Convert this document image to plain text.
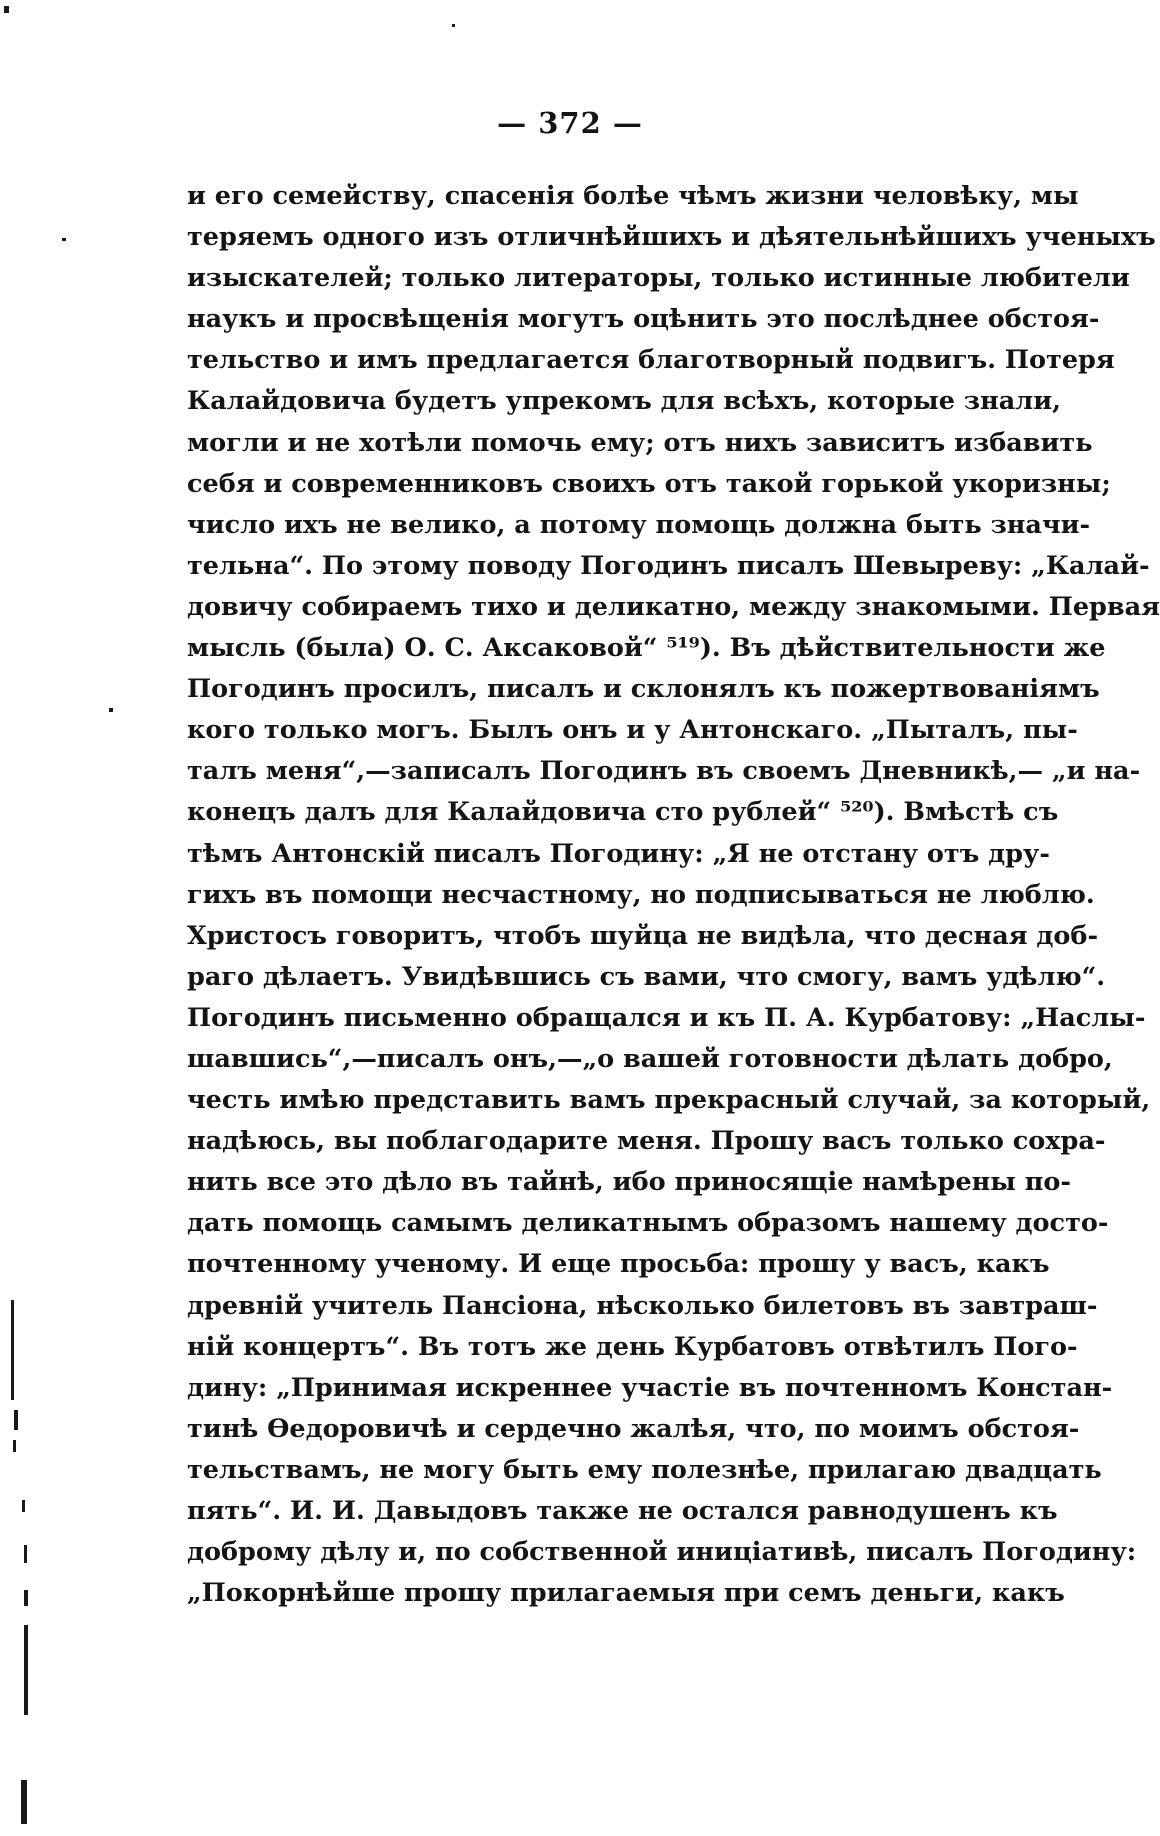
— 372 —
и его семейству, спасенія болѣе чѣмъ жизни человѣку, мы
теряемъ одного изъ отличнѣйшихъ и дѣятельнѣйшихъ ученыхъ
изыскателей; только литераторы, только истинные любители
наукъ и просвѣщенія могутъ оцѣнить это послѣднее обстоя-
тельство и имъ предлагается благотворный подвигъ. Потеря
Калайдовича будетъ упрекомъ для всѣхъ, которые знали,
могли и не хотѣли помочь ему; отъ нихъ зависитъ избавить
себя и современниковъ своихъ отъ такой горькой укоризны;
число ихъ не велико, а потому помощь должна быть значи-
тельна“. По этому поводу Погодинъ писалъ Шевыреву: „Калай-
довичу собираемъ тихо и деликатно, между знакомыми. Первая
мысль (была) О. С. Аксаковой“ ⁵¹⁹). Въ дѣйствительности же
Погодинъ просилъ, писалъ и склонялъ къ пожертвованіямъ
кого только могъ. Былъ онъ и у Антонскаго. „Пыталъ, пы-
талъ меня“,—записалъ Погодинъ въ своемъ Дневникѣ,— „и на-
конецъ далъ для Калайдовича сто рублей“ ⁵²⁰). Вмѣстѣ съ
тѣмъ Антонскій писалъ Погодину: „Я не отстану отъ дру-
гихъ въ помощи несчастному, но подписываться не люблю.
Христосъ говоритъ, чтобъ шуйца не видѣла, что десная доб-
раго дѣлаетъ. Увидѣвшись съ вами, что смогу, вамъ удѣлю“.
Погодинъ письменно обращался и къ П. А. Курбатову: „Наслы-
шавшись“,—писалъ онъ,—„о вашей готовности дѣлать добро,
честь имѣю представить вамъ прекрасный случай, за который,
надѣюсь, вы поблагодарите меня. Прошу васъ только сохра-
нить все это дѣло въ тайнѣ, ибо приносящіе намѣрены по-
дать помощь самымъ деликатнымъ образомъ нашему досто-
почтенному ученому. И еще просьба: прошу у васъ, какъ
древній учитель Пансіона, нѣсколько билетовъ въ завтраш-
ній концертъ“. Въ тотъ же день Курбатовъ отвѣтилъ Пого-
дину: „Принимая искреннее участіе въ почтенномъ Констан-
тинѣ Ѳедоровичѣ и сердечно жалѣя, что, по моимъ обстоя-
тельствамъ, не могу быть ему полезнѣе, прилагаю двадцать
пять“. И. И. Давыдовъ также не остался равнодушенъ къ
доброму дѣлу и, по собственной иниціативѣ, писалъ Погодину:
„Покорнѣйше прошу прилагаемыя при семъ деньги, какъ
